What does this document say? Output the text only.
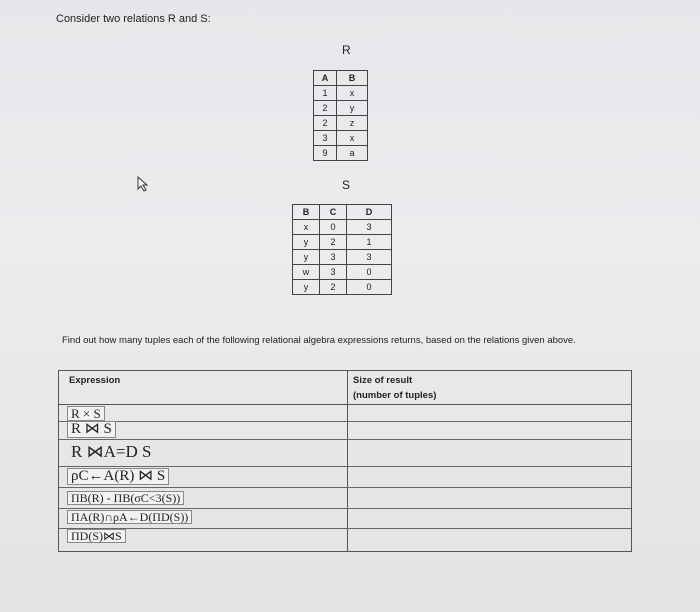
Consider two relations R and S:
R
A	B
1	x
2	y
2	z
3	x
9	a
S
B	C	D
x	0	3
y	2	1
y	3	3
w	3	0
y	2	0
Find out how many tuples each of the following relational algebra expressions returns, based on the relations given above.
Expression	Size of result
(number of tuples)
R × S
R ⋈ S
R ⋈A=D S
ρC←A(R) ⋈ S
ΠB(R) - ΠB(σC<3(S))
ΠA(R)∩ρA←D(ΠD(S))
ΠD(S)⋈S
